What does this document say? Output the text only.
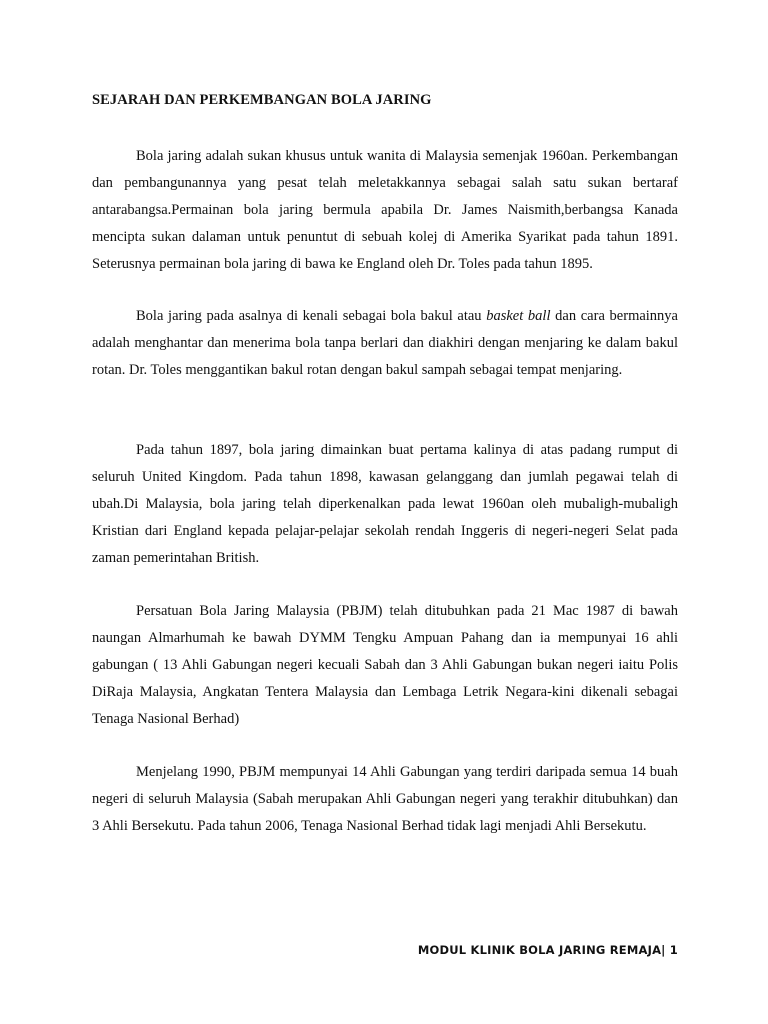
SEJARAH DAN PERKEMBANGAN BOLA JARING

Bola jaring adalah sukan khusus untuk wanita di Malaysia semenjak 1960an. Perkembangan dan pembangunannya yang pesat telah meletakkannya sebagai salah satu sukan bertaraf antarabangsa.Permainan bola jaring bermula apabila Dr. James Naismith,berbangsa Kanada mencipta sukan dalaman untuk penuntut di sebuah kolej di Amerika Syarikat pada tahun 1891. Seterusnya permainan bola jaring di bawa ke England oleh Dr. Toles pada tahun 1895.

Bola jaring pada asalnya di kenali sebagai bola bakul atau basket ball dan cara bermainnya adalah menghantar dan menerima bola tanpa berlari dan diakhiri dengan menjaring ke dalam bakul rotan. Dr. Toles menggantikan bakul rotan dengan bakul sampah sebagai tempat menjaring.

Pada tahun 1897, bola jaring dimainkan buat pertama kalinya di atas padang rumput di seluruh United Kingdom. Pada tahun 1898, kawasan gelanggang dan jumlah pegawai telah di ubah.Di Malaysia, bola jaring telah diperkenalkan pada lewat 1960an oleh mubaligh-mubaligh Kristian dari England kepada pelajar-pelajar sekolah rendah Inggeris di negeri-negeri Selat pada zaman pemerintahan British.

Persatuan Bola Jaring Malaysia (PBJM) telah ditubuhkan pada 21 Mac 1987 di bawah naungan Almarhumah ke bawah DYMM Tengku Ampuan Pahang dan ia mempunyai 16 ahli gabungan ( 13 Ahli Gabungan negeri kecuali Sabah dan 3 Ahli Gabungan bukan negeri iaitu Polis DiRaja Malaysia, Angkatan Tentera Malaysia dan Lembaga Letrik Negara-kini dikenali sebagai Tenaga Nasional Berhad)

Menjelang 1990, PBJM mempunyai 14 Ahli Gabungan yang terdiri daripada semua 14 buah negeri di seluruh Malaysia (Sabah merupakan Ahli Gabungan negeri yang terakhir ditubuhkan) dan 3 Ahli Bersekutu. Pada tahun 2006, Tenaga Nasional Berhad tidak lagi menjadi Ahli Bersekutu.

MODUL KLINIK BOLA JARING REMAJA| 1
